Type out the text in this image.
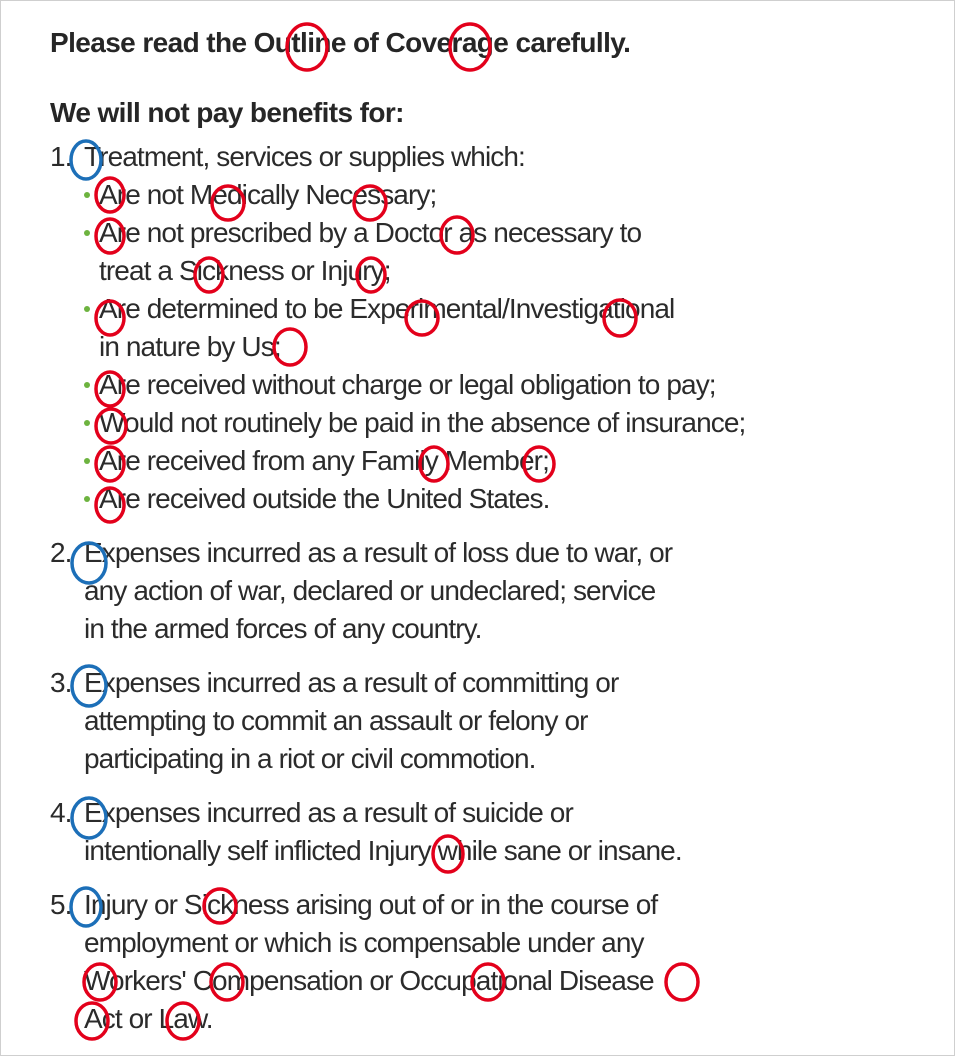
Please read the Outline of Coverage carefully.
We will not pay benefits for:
1. Treatment, services or supplies which:
Are not Medically Necessary;
Are not prescribed by a Doctor as necessary to
treat a Sickness or Injury;
Are determined to be Experimental/Investigational
in nature by Us;
Are received without charge or legal obligation to pay;
Would not routinely be paid in the absence of insurance;
Are received from any Family Member;
Are received outside the United States.
2. Expenses incurred as a result of loss due to war, or
any action of war, declared or undeclared; service
in the armed forces of any country.
3. Expenses incurred as a result of committing or
attempting to commit an assault or felony or
participating in a riot or civil commotion.
4. Expenses incurred as a result of suicide or
intentionally self inflicted Injury while sane or insane.
5. Injury or Sickness arising out of or in the course of
employment or which is compensable under any
Workers' Compensation or Occupational Disease
Act or Law.
